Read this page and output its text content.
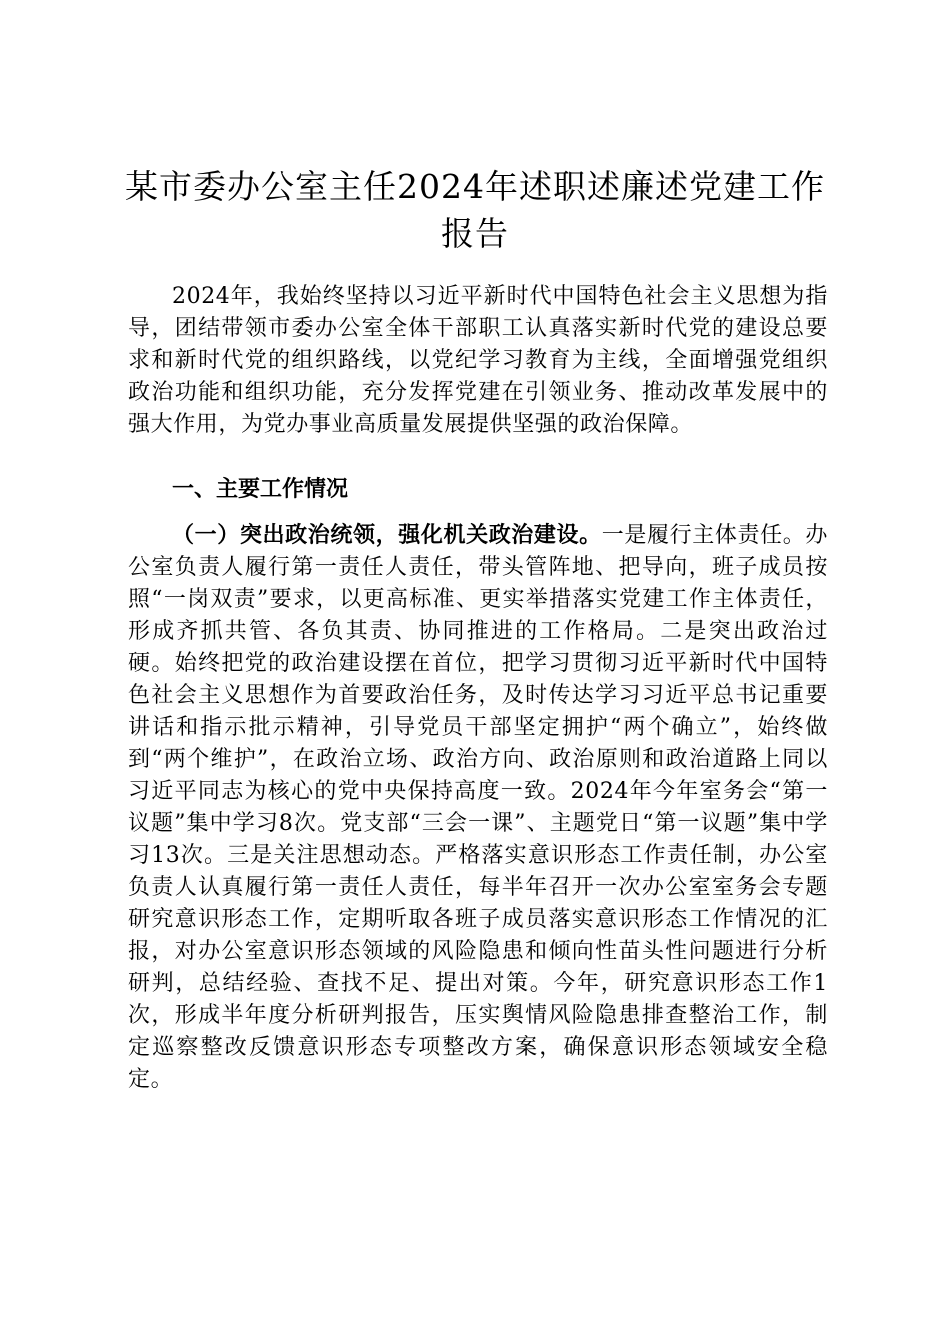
某市委办公室主任2024年述职述廉述党建工作报告

2024年，我始终坚持以习近平新时代中国特色社会主义思想为指导，团结带领市委办公室全体干部职工认真落实新时代党的建设总要求和新时代党的组织路线，以党纪学习教育为主线，全面增强党组织政治功能和组织功能，充分发挥党建在引领业务、推动改革发展中的强大作用，为党办事业高质量发展提供坚强的政治保障。

一、主要工作情况

（一）突出政治统领，强化机关政治建设。一是履行主体责任。办公室负责人履行第一责任人责任，带头管阵地、把导向，班子成员按照“一岗双责”要求，以更高标准、更实举措落实党建工作主体责任，形成齐抓共管、各负其责、协同推进的工作格局。二是突出政治过硬。始终把党的政治建设摆在首位，把学习贯彻习近平新时代中国特色社会主义思想作为首要政治任务，及时传达学习习近平总书记重要讲话和指示批示精神，引导党员干部坚定拥护“两个确立”，始终做到“两个维护”，在政治立场、政治方向、政治原则和政治道路上同以习近平同志为核心的党中央保持高度一致。2024年今年室务会“第一议题”集中学习8次。党支部“三会一课”、主题党日“第一议题”集中学习13次。三是关注思想动态。严格落实意识形态工作责任制，办公室负责人认真履行第一责任人责任，每半年召开一次办公室室务会专题研究意识形态工作，定期听取各班子成员落实意识形态工作情况的汇报，对办公室意识形态领域的风险隐患和倾向性苗头性问题进行分析研判，总结经验、查找不足、提出对策。今年，研究意识形态工作1次，形成半年度分析研判报告，压实舆情风险隐患排查整治工作，制定巡察整改反馈意识形态专项整改方案，确保意识形态领域安全稳定。
